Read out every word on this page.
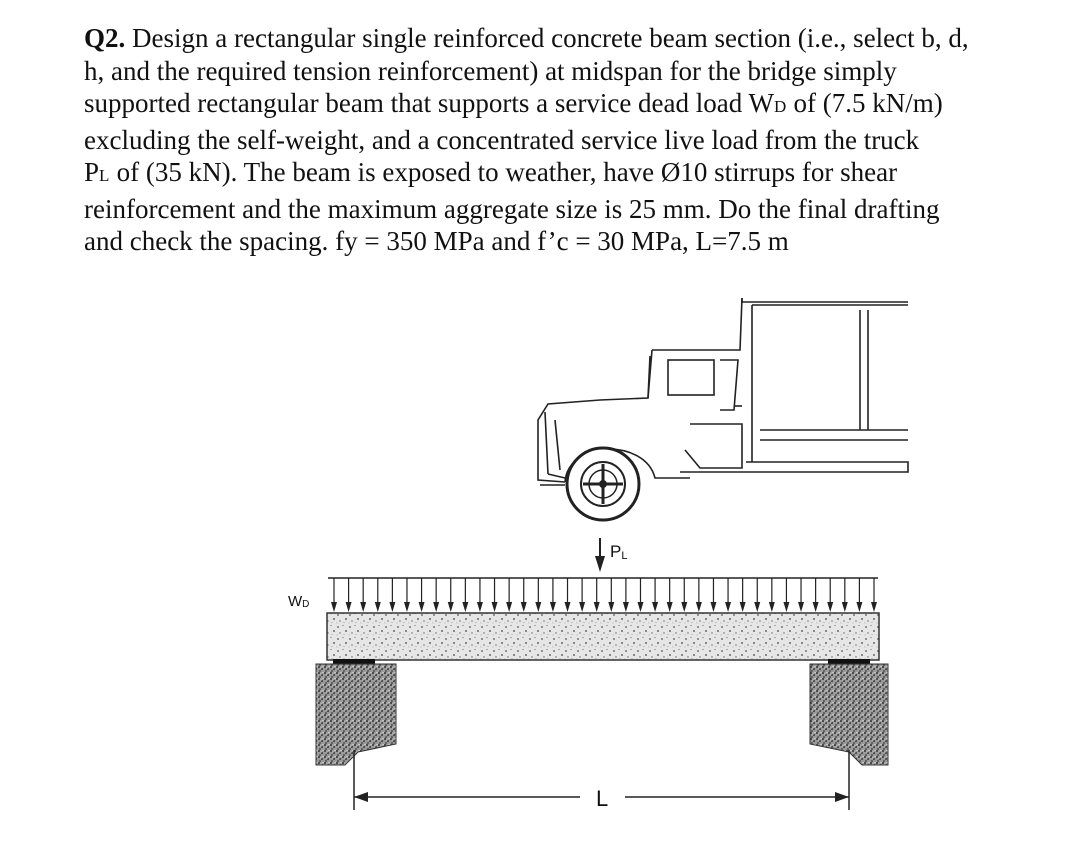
Q2. Design a rectangular single reinforced concrete beam section (i.e., select b, d,
h, and the required tension reinforcement) at midspan for the bridge simply
supported rectangular beam that supports a service dead load WD of (7.5 kN/m)
excluding the self-weight, and a concentrated service live load from the truck
PL of (35 kN). The beam is exposed to weather, have Ø10 stirrups for shear
reinforcement and the maximum aggregate size is 25 mm. Do the final drafting
and check the spacing. fy = 350 MPa and f’c = 30 MPa, L=7.5 m
PL
WD
L
